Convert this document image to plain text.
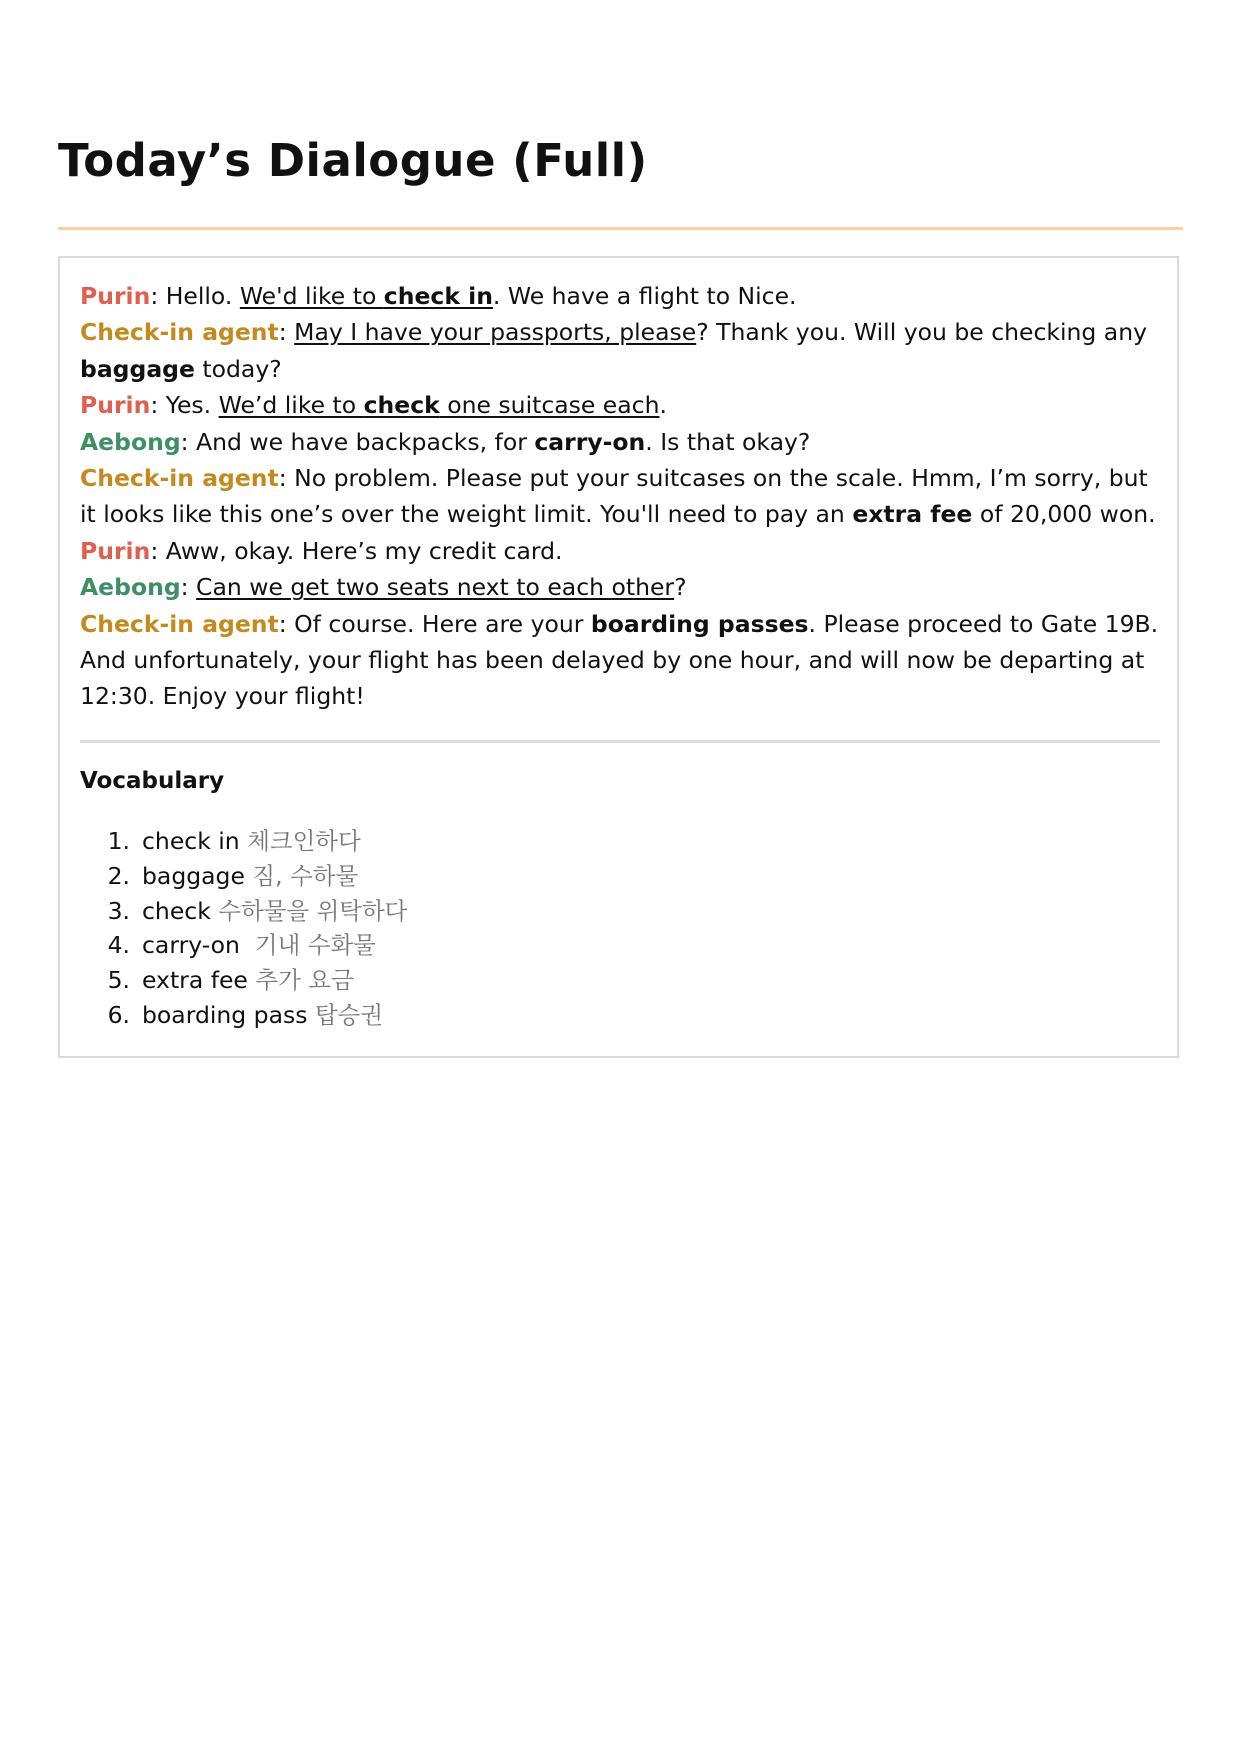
Today’s Dialogue (Full)

Purin: Hello. We'd like to check in. We have a flight to Nice.

Check-in agent: May I have your passports, please? Thank you. Will you be checking any baggage today?

Purin: Yes. We’d like to check one suitcase each.

Aebong: And we have backpacks, for carry-on. Is that okay?

Check-in agent: No problem. Please put your suitcases on the scale. Hmm, I’m sorry, but it looks like this one’s over the weight limit. You'll need to pay an extra fee of 20,000 won.

Purin: Aww, okay. Here’s my credit card.

Aebong: Can we get two seats next to each other?

Check-in agent: Of course. Here are your boarding passes. Please proceed to Gate 19B. And unfortunately, your flight has been delayed by one hour, and will now be departing at 12:30. Enjoy your flight!

Vocabulary
1. check in 체크인하다
2. baggage 짐, 수하물
3. check 수하물을 위탁하다
4. carry-on  기내 수화물
5. extra fee 추가 요금
6. boarding pass 탑승권
